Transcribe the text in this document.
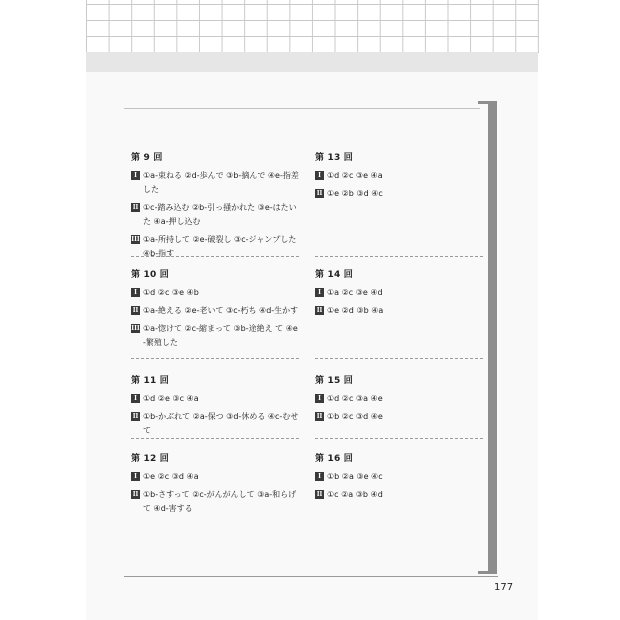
177
第 9 回
I ①a-束ねる ②d-歩んで ③b-摘んで ④e-指差した
II ①c-踏み込む ②b-引っ掻かれた ③e-はたいた ④a-押し込む
III ①a-所持して ②e-破裂し ③c-ジャンプした ④b-指す
第 13 回
I ①d ②c ③e ④a
II ①e ②b ③d ④c
第 10 回
I ①d ②c ③e ④b
II ①a-絶える ②e-老いて ③c-朽ち ④d-生かす
III ①a-惚けて ②c-縮まって ③b-途絶え て ④e-繁殖した
第 14 回
I ①a ②c ③e ④d
II ①e ②d ③b ④a
第 11 回
I ①d ②e ③c ④a
II ①b-かぶれて ②a-保つ ③d-休める ④c-むせて
第 15 回
I ①d ②c ③a ④e
II ①b ②c ③d ④e
第 12 回
I ①e ②c ③d ④a
II ①b-さすって ②c-がんがんして ③a-和らげて ④d-害する
第 16 回
I ①b ②a ③e ④c
II ①c ②a ③b ④d
